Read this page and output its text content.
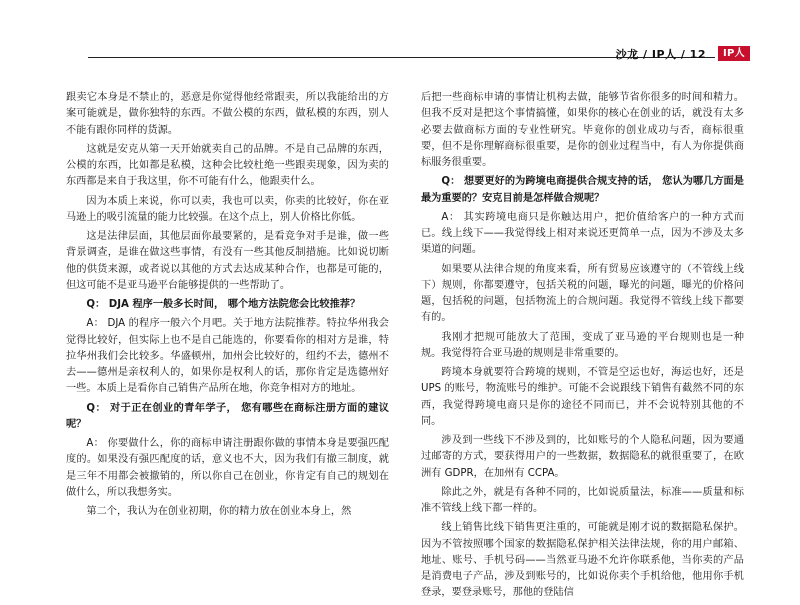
沙龙 / IP人 / 12	IP人

跟卖它本身是不禁止的，恶意是你觉得他经常跟卖，所以我能给出的方案可能就是，做你独特的东西。不做公模的东西，做私模的东西，别人不能有跟你同样的货源。

这就是安克从第一天开始就卖自己的品牌。不是自己品牌的东西，公模的东西，比如都是私模，这种会比较杜绝一些跟卖现象，因为卖的东西都是来自于我这里，你不可能有什么，他跟卖什么。

因为本质上来说，你可以卖，我也可以卖，你卖的比较好，你在亚马逊上的吸引流量的能力比较强。在这个点上，别人价格比你低。

这是法律层面，其他层面你最要紧的，是看竞争对手是谁，做一些背景调查，是谁在做这些事情，有没有一些其他反制措施。比如说切断他的供货来源，或者说以其他的方式去达成某种合作，也都是可能的，但这可能不是亚马逊平台能够提供的一些帮助了。

Q： DJA 程序一般多长时间， 哪个地方法院您会比较推荐？

A： DJA 的程序一般六个月吧。关于地方法院推荐。特拉华州我会觉得比较好，但实际上也不是自己能选的，你要看你的相对方是谁，特拉华州我们会比较多。华盛顿州，加州会比较好的，纽约不去，德州不去——德州是亲权利人的，如果你是权利人的话，那你肯定是选德州好一些。本质上是看你自己销售产品所在地，你竞争相对方的地址。

Q： 对于正在创业的青年学子， 您有哪些在商标注册方面的建议呢？

A： 你要做什么，你的商标申请注册跟你做的事情本身是要强匹配度的。如果没有强匹配度的话，意义也不大，因为我们有撤三制度，就是三年不用都会被撤销的，所以你自己在创业，你肯定有自己的规划在做什么，所以我想务实。

第二个，我认为在创业初期，你的精力放在创业本身上，然

后把一些商标申请的事情让机构去做，能够节省你很多的时间和精力。但我不反对是把这个事情搞懂，如果你的核心在创业的话，就没有太多必要去做商标方面的专业性研究。毕竟你的创业成功与否，商标很重要，但不是你理解商标很重要，是你的创业过程当中，有人为你提供商标服务很重要。

Q： 想要更好的为跨境电商提供合规支持的话， 您认为哪几方面是最为重要的？安克目前是怎样做合规呢？

A： 其实跨境电商只是你触达用户，把价值给客户的一种方式而已。线上线下——我觉得线上相对来说还更简单一点，因为不涉及太多渠道的问题。

如果要从法律合规的角度来看，所有贸易应该遵守的（不管线上线下）规则，你都要遵守，包括关税的问题，曝光的问题，曝光的价格问题，包括税的问题，包括物流上的合规问题。我觉得不管线上线下都要有的。

我刚才把规可能放大了范围，变成了亚马逊的平台规则也是一种规。我觉得符合亚马逊的规则是非常重要的。

跨境本身就要符合跨境的规则，不管是空运也好，海运也好，还是 UPS 的账号，物流账号的维护。可能不会说跟线下销售有截然不同的东西，我觉得跨境电商只是你的途径不同而已，并不会说特别其他的不同。

涉及到一些线下不涉及到的，比如账号的个人隐私问题，因为要通过邮寄的方式，要获得用户的一些数据，数据隐私的就很重要了，在欧洲有 GDPR，在加州有 CCPA。

除此之外，就是有各种不同的，比如说质量法，标准——质量和标准不管线上线下都一样的。

线上销售比线下销售更注重的，可能就是刚才说的数据隐私保护。因为不管按照哪个国家的数据隐私保护相关法律法规，你的用户邮箱、地址、账号、手机号码——当然亚马逊不允许你联系他，当你卖的产品是消费电子产品，涉及到账号的，比如说你卖个手机给他，他用你手机登录，要登录账号，那他的登陆信
